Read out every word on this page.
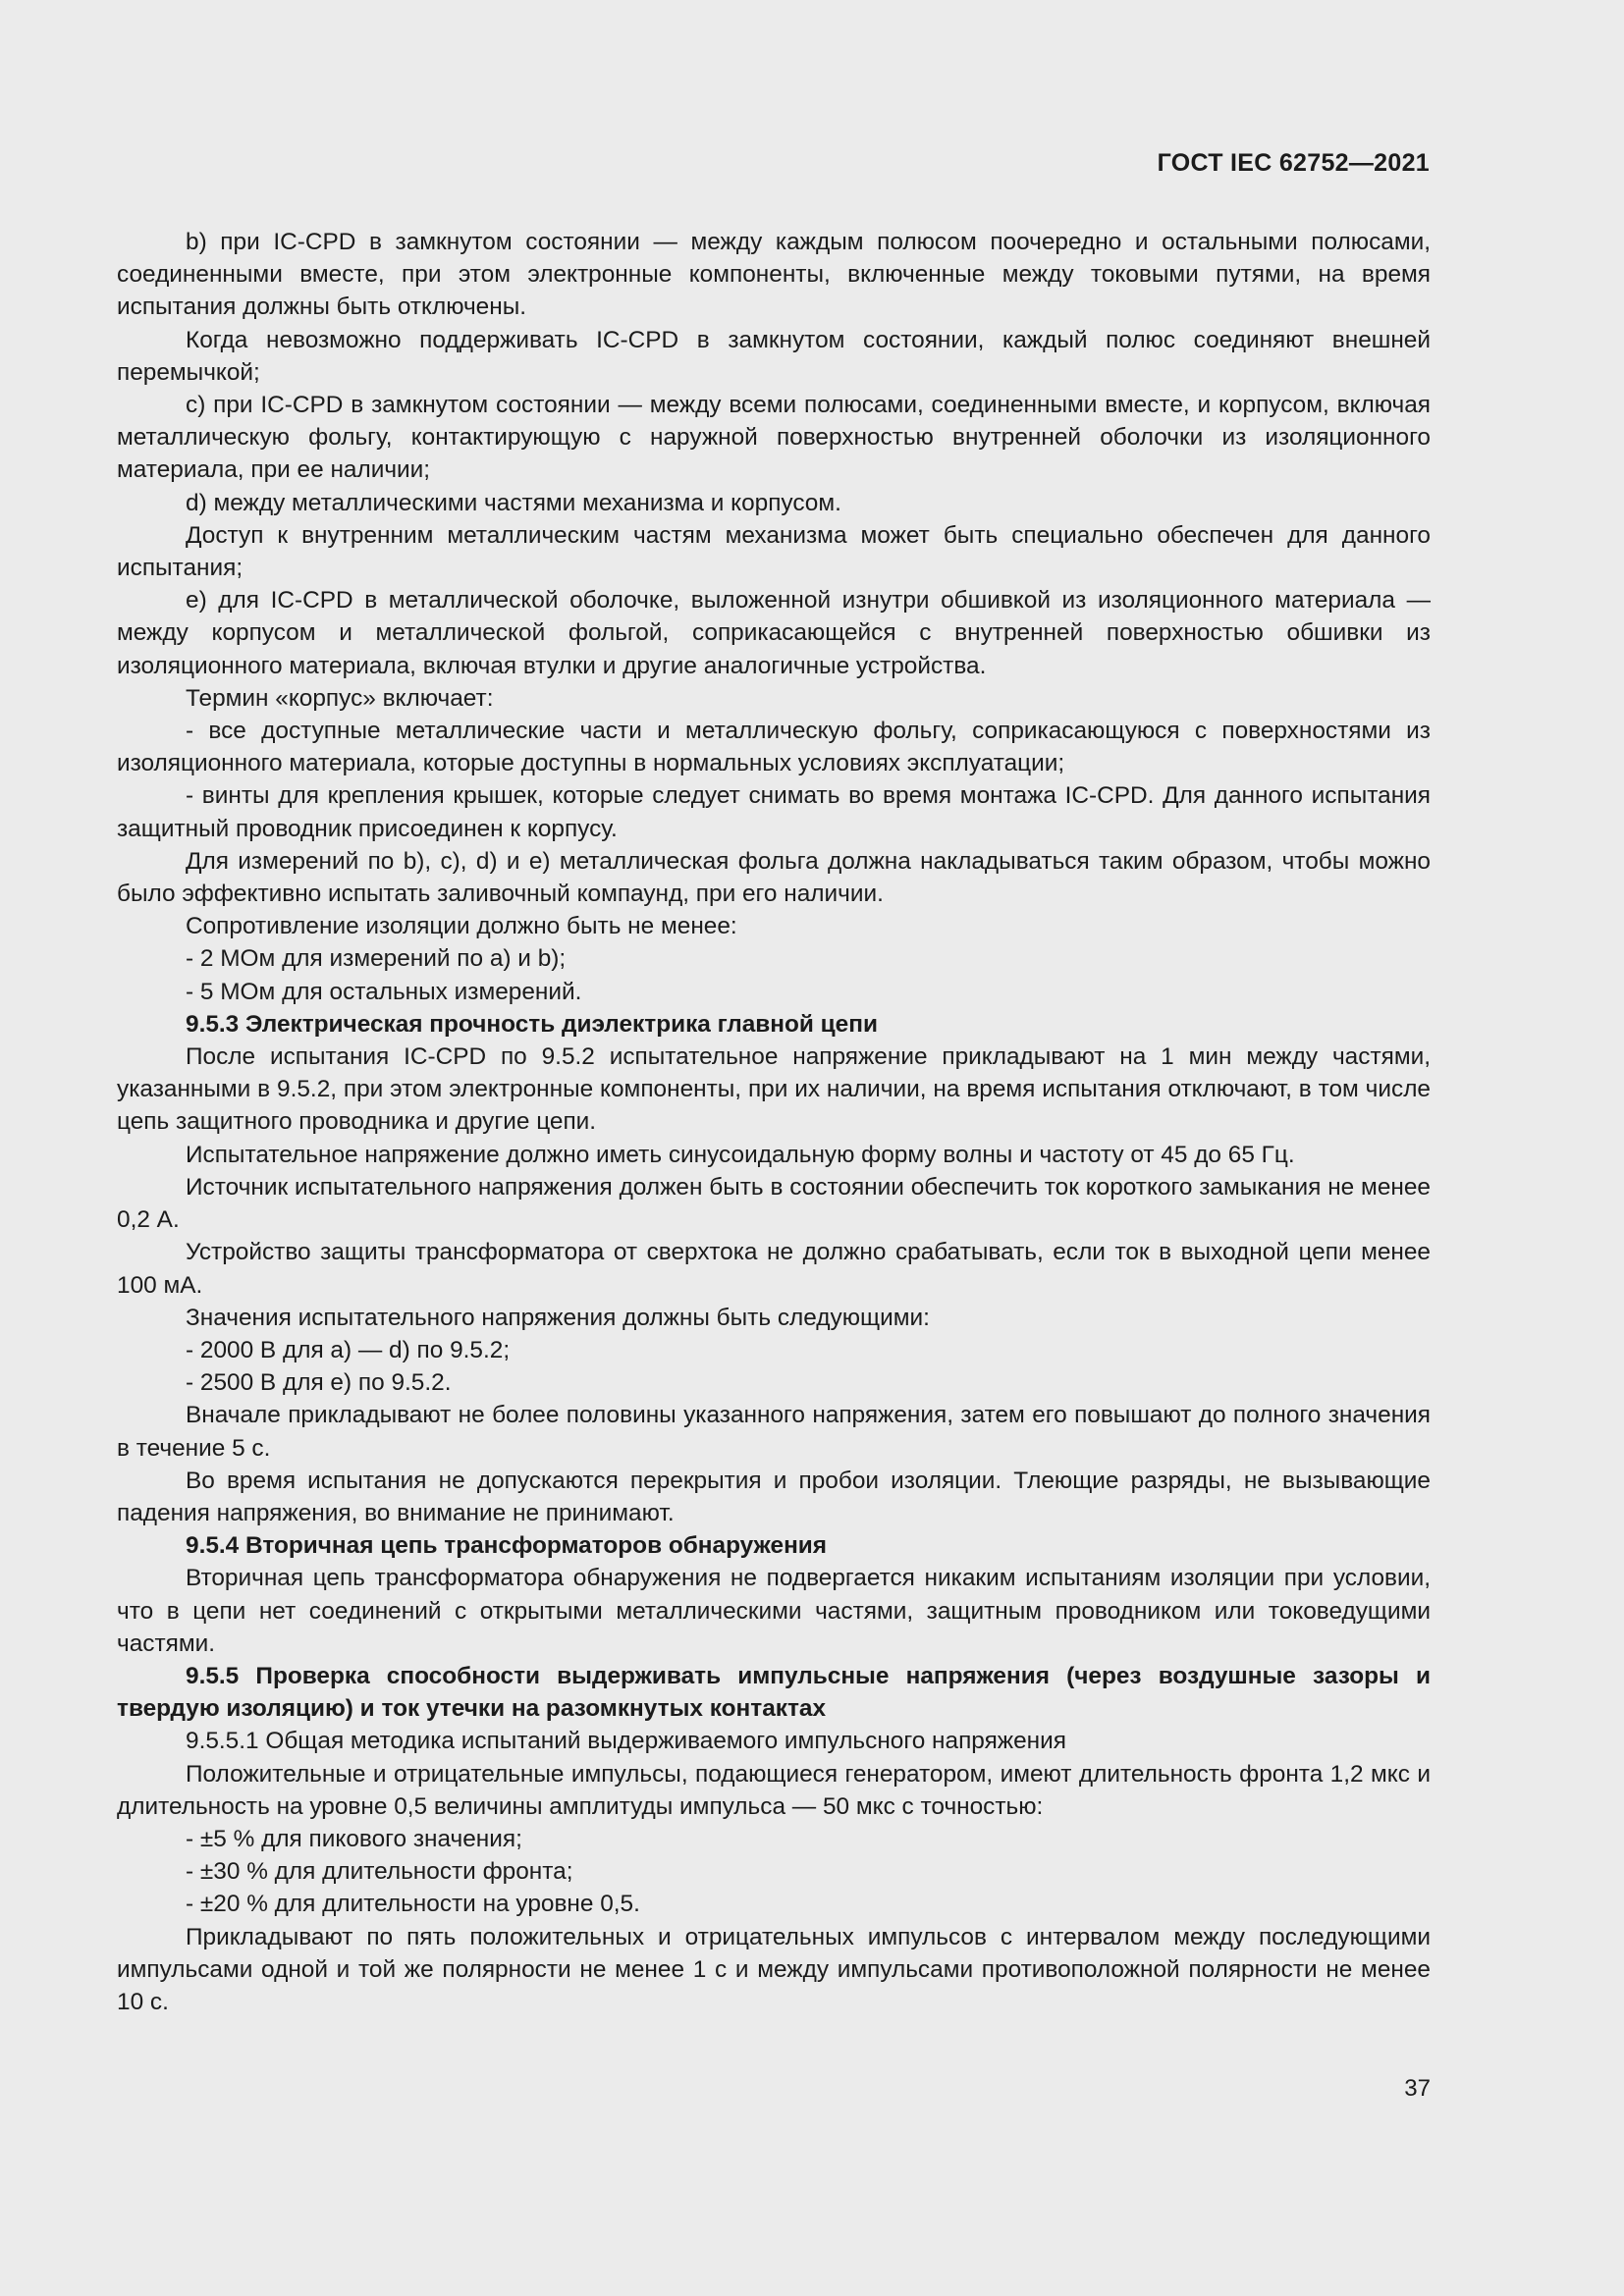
ГОСТ IEC 62752—2021

b) при IC-CPD в замкнутом состоянии — между каждым полюсом поочередно и остальными полюсами, соединенными вместе, при этом электронные компоненты, включенные между токовыми путями, на время испытания должны быть отключены.

Когда невозможно поддерживать IC-CPD в замкнутом состоянии, каждый полюс соединяют внешней перемычкой;

c) при IC-CPD в замкнутом состоянии — между всеми полюсами, соединенными вместе, и корпусом, включая металлическую фольгу, контактирующую с наружной поверхностью внутренней оболочки из изоляционного материала, при ее наличии;

d) между металлическими частями механизма и корпусом.

Доступ к внутренним металлическим частям механизма может быть специально обеспечен для данного испытания;

e) для IC-CPD в металлической оболочке, выложенной изнутри обшивкой из изоляционного материала — между корпусом и металлической фольгой, соприкасающейся с внутренней поверхностью обшивки из изоляционного материала, включая втулки и другие аналогичные устройства.

Термин «корпус» включает:

- все доступные металлические части и металлическую фольгу, соприкасающуюся с поверхностями из изоляционного материала, которые доступны в нормальных условиях эксплуатации;

- винты для крепления крышек, которые следует снимать во время монтажа IC-CPD. Для данного испытания защитный проводник присоединен к корпусу.

Для измерений по b), c), d) и e) металлическая фольга должна накладываться таким образом, чтобы можно было эффективно испытать заливочный компаунд, при его наличии.

Сопротивление изоляции должно быть не менее:

- 2 МОм для измерений по a) и b);

- 5 МОм для остальных измерений.

9.5.3 Электрическая прочность диэлектрика главной цепи

После испытания IC-CPD по 9.5.2 испытательное напряжение прикладывают на 1 мин между частями, указанными в 9.5.2, при этом электронные компоненты, при их наличии, на время испытания отключают, в том числе цепь защитного проводника и другие цепи.

Испытательное напряжение должно иметь синусоидальную форму волны и частоту от 45 до 65 Гц.

Источник испытательного напряжения должен быть в состоянии обеспечить ток короткого замыкания не менее 0,2 А.

Устройство защиты трансформатора от сверхтока не должно срабатывать, если ток в выходной цепи менее 100 мА.

Значения испытательного напряжения должны быть следующими:

- 2000 В для a) — d) по 9.5.2;

- 2500 В для e) по 9.5.2.

Вначале прикладывают не более половины указанного напряжения, затем его повышают до полного значения в течение 5 с.

Во время испытания не допускаются перекрытия и пробои изоляции. Тлеющие разряды, не вызывающие падения напряжения, во внимание не принимают.

9.5.4 Вторичная цепь трансформаторов обнаружения

Вторичная цепь трансформатора обнаружения не подвергается никаким испытаниям изоляции при условии, что в цепи нет соединений с открытыми металлическими частями, защитным проводником или токоведущими частями.

9.5.5 Проверка способности выдерживать импульсные напряжения (через воздушные зазоры и твердую изоляцию) и ток утечки на разомкнутых контактах

9.5.5.1 Общая методика испытаний выдерживаемого импульсного напряжения

Положительные и отрицательные импульсы, подающиеся генератором, имеют длительность фронта 1,2 мкс и длительность на уровне 0,5 величины амплитуды импульса — 50 мкс с точностью:

- ±5 % для пикового значения;

- ±30 % для длительности фронта;

- ±20 % для длительности на уровне 0,5.

Прикладывают по пять положительных и отрицательных импульсов с интервалом между последующими импульсами одной и той же полярности не менее 1 с и между импульсами противоположной полярности не менее 10 с.

37
